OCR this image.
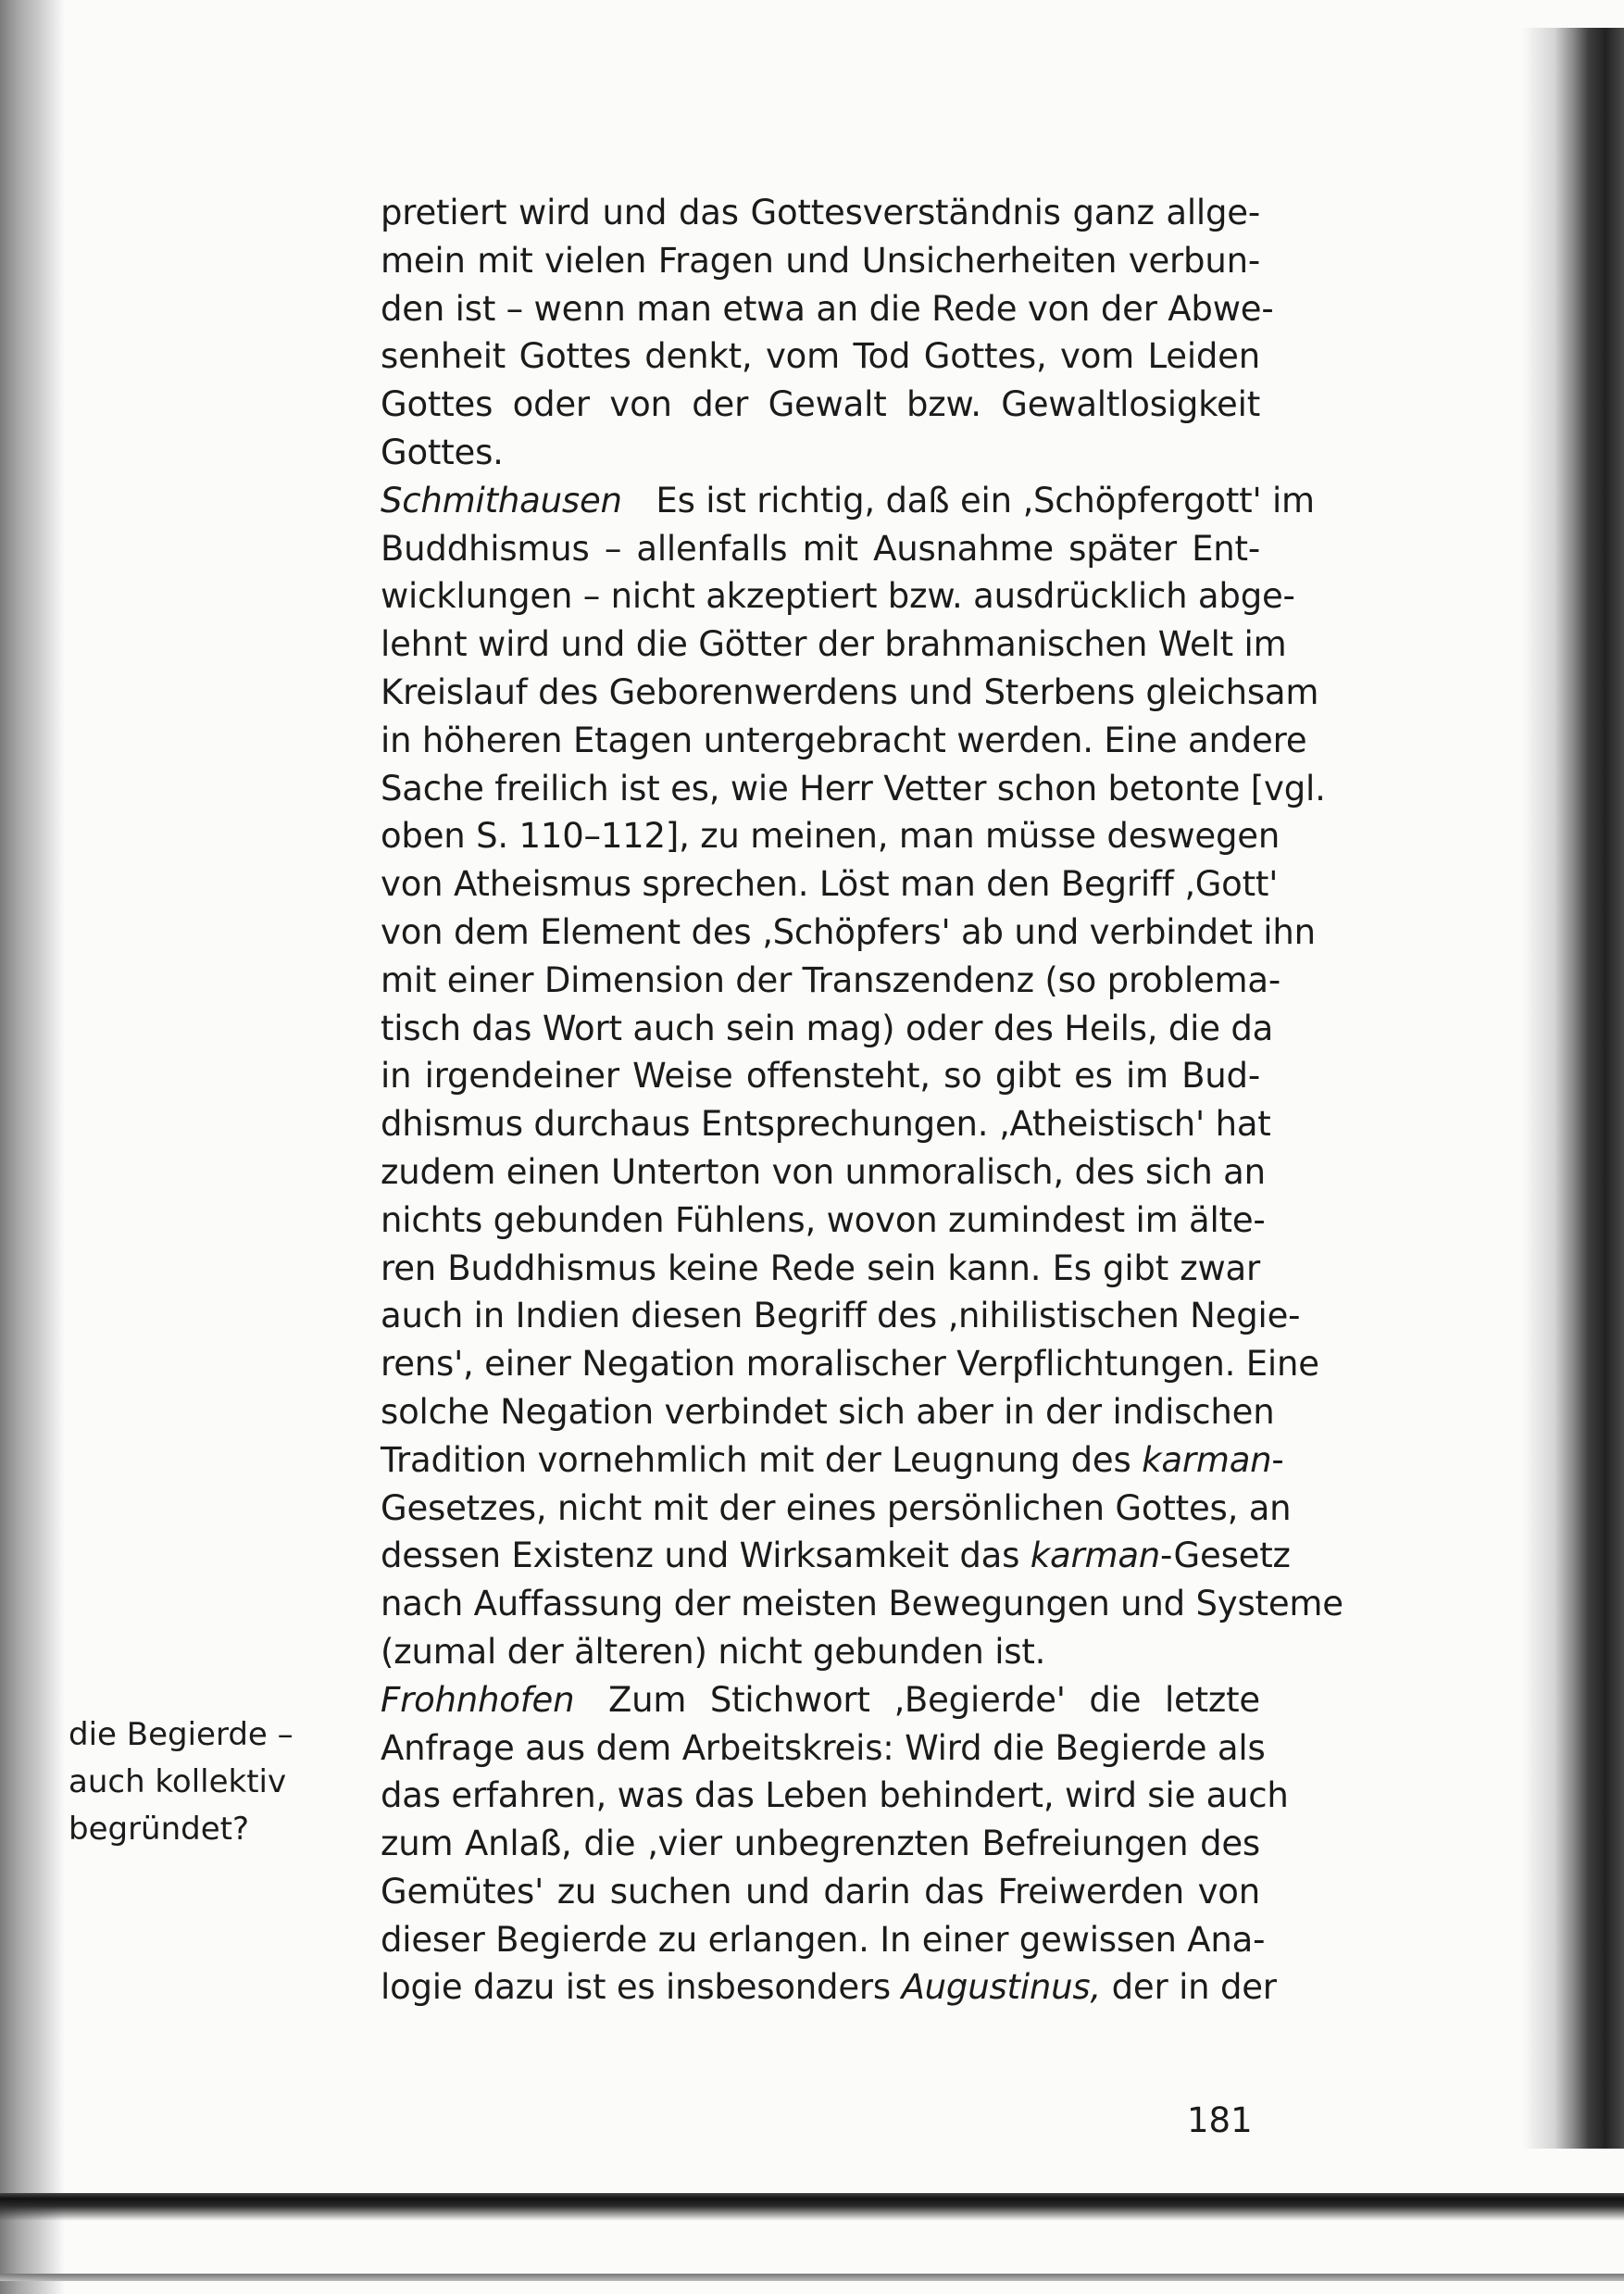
pretiert wird und das Gottesverständnis ganz allge-
mein mit vielen Fragen und Unsicherheiten verbun-
den ist – wenn man etwa an die Rede von der Abwe-
senheit Gottes denkt, vom Tod Gottes, vom Leiden
Gottes oder von der Gewalt bzw. Gewaltlosigkeit
Gottes.
Schmithausen   Es ist richtig, daß ein ‚Schöpfergott' im
Buddhismus – allenfalls mit Ausnahme später Ent-
wicklungen – nicht akzeptiert bzw. ausdrücklich abge-
lehnt wird und die Götter der brahmanischen Welt im
Kreislauf des Geborenwerdens und Sterbens gleichsam
in höheren Etagen untergebracht werden. Eine andere
Sache freilich ist es, wie Herr Vetter schon betonte [vgl.
oben S. 110–112], zu meinen, man müsse deswegen
von Atheismus sprechen. Löst man den Begriff ‚Gott'
von dem Element des ‚Schöpfers' ab und verbindet ihn
mit einer Dimension der Transzendenz (so problema-
tisch das Wort auch sein mag) oder des Heils, die da
in irgendeiner Weise offensteht, so gibt es im Bud-
dhismus durchaus Entsprechungen. ‚Atheistisch' hat
zudem einen Unterton von unmoralisch, des sich an
nichts gebunden Fühlens, wovon zumindest im älte-
ren Buddhismus keine Rede sein kann. Es gibt zwar
auch in Indien diesen Begriff des ‚nihilistischen Negie-
rens', einer Negation moralischer Verpflichtungen. Eine
solche Negation verbindet sich aber in der indischen
Tradition vornehmlich mit der Leugnung des karman-
Gesetzes, nicht mit der eines persönlichen Gottes, an
dessen Existenz und Wirksamkeit das karman-Gesetz
nach Auffassung der meisten Bewegungen und Systeme
(zumal der älteren) nicht gebunden ist.
Frohnhofen   Zum Stichwort ‚Begierde' die letzte
Anfrage aus dem Arbeitskreis: Wird die Begierde als
das erfahren, was das Leben behindert, wird sie auch
zum Anlaß, die ‚vier unbegrenzten Befreiungen des
Gemütes' zu suchen und darin das Freiwerden von
dieser Begierde zu erlangen. In einer gewissen Ana-
logie dazu ist es insbesonders Augustinus, der in der
die Begierde –
auch kollektiv
begründet?
181
